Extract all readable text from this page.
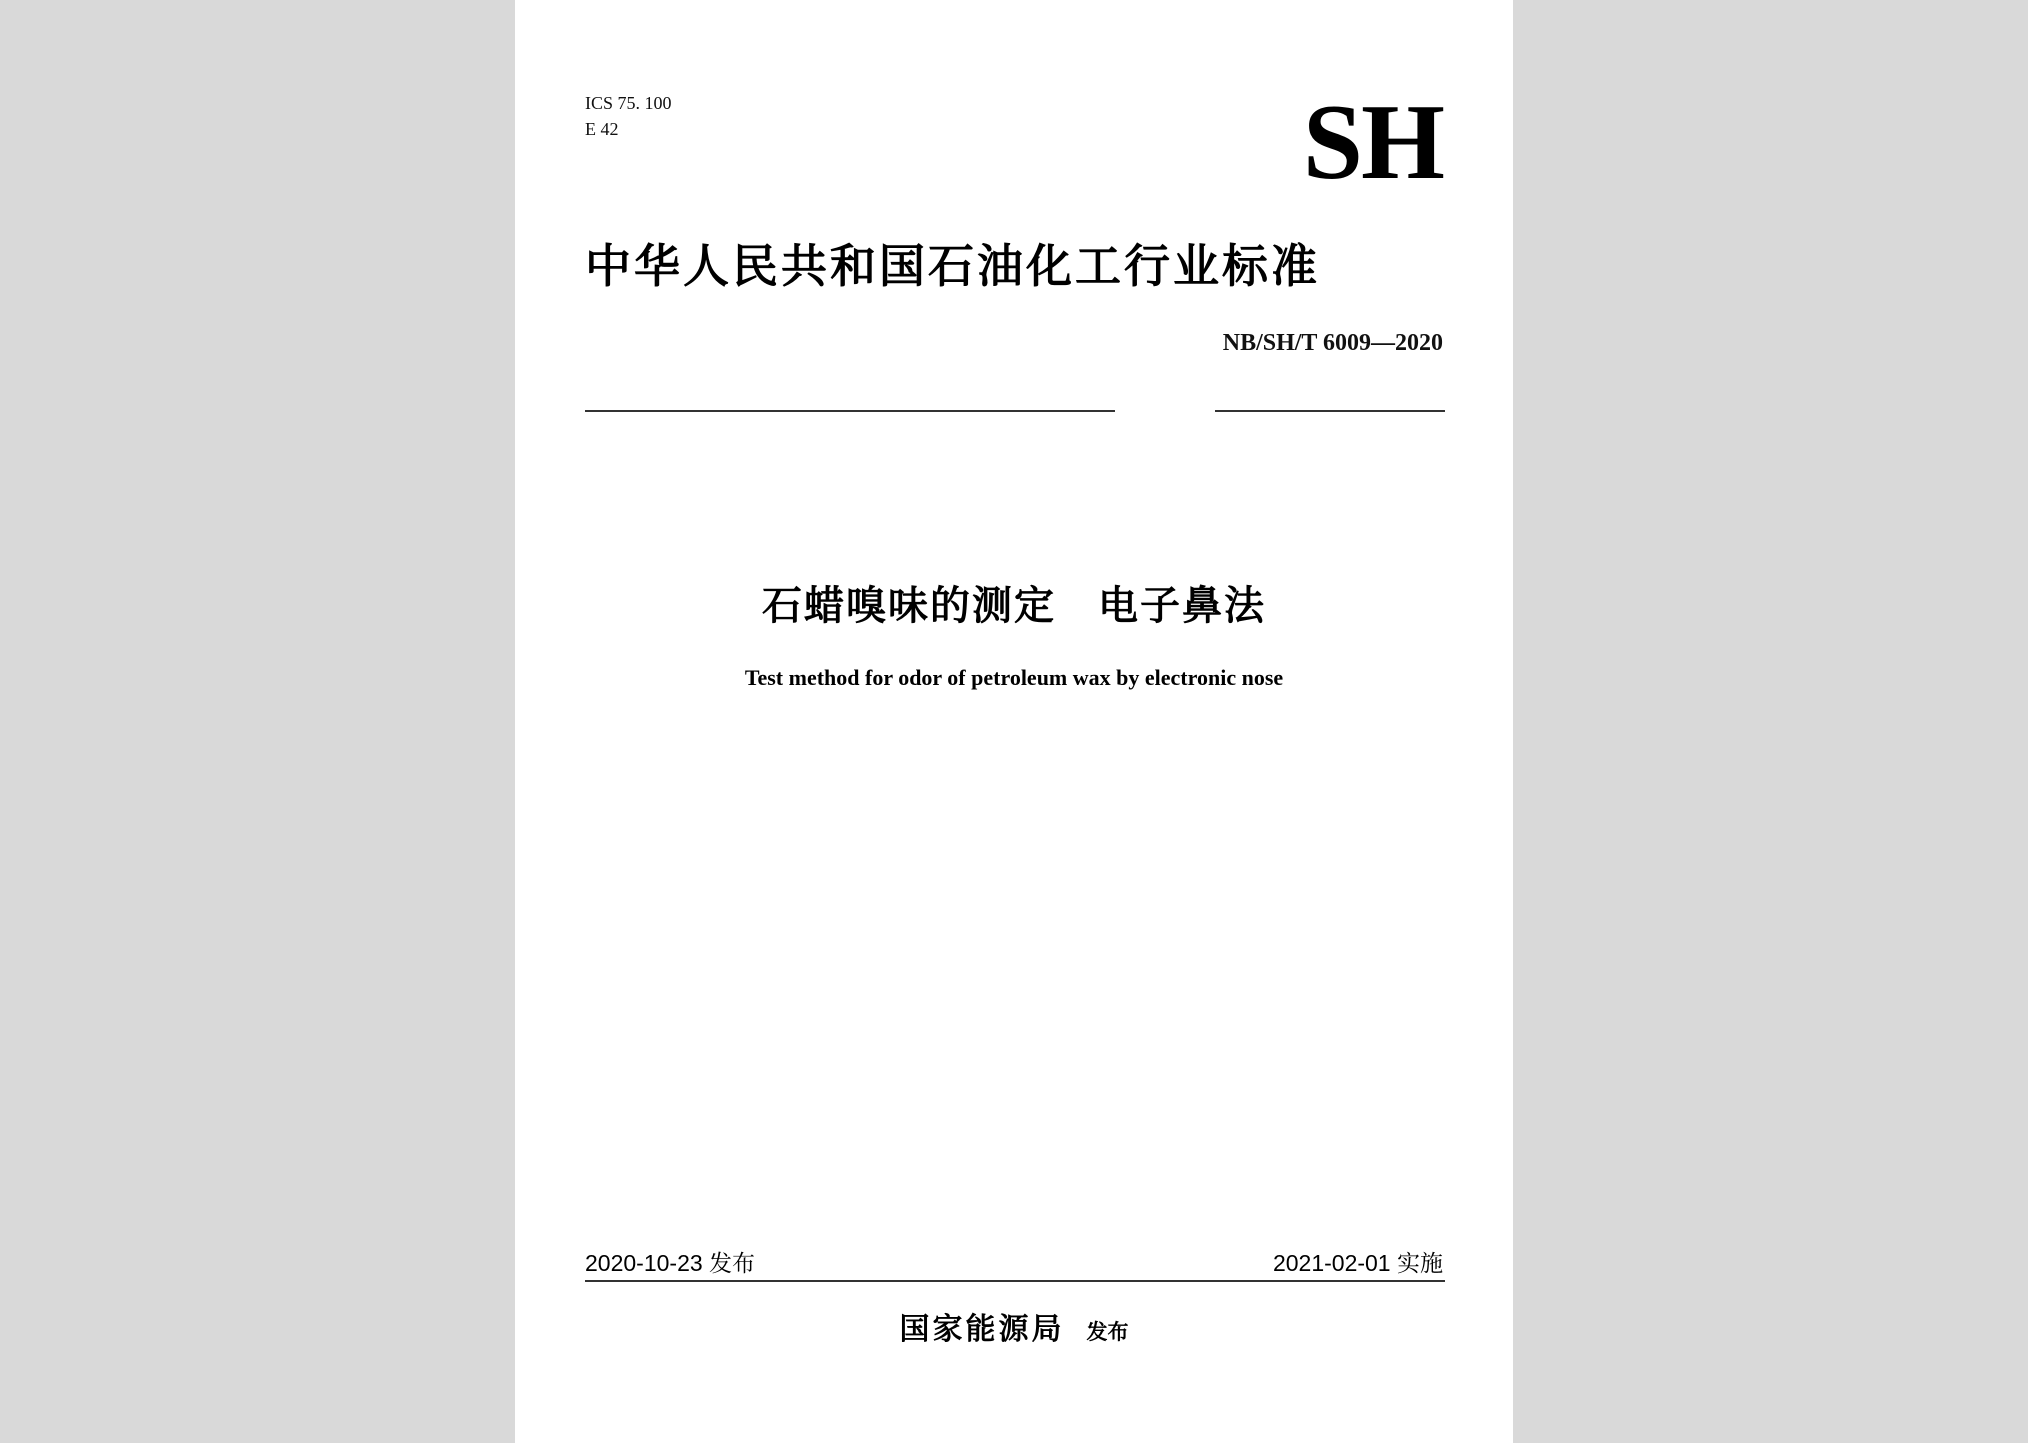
ICS 75. 100
E 42	SH
中华人民共和国石油化工行业标准
NB/SH/T 6009—2020
石蜡嗅味的测定　电子鼻法
Test method for odor of petroleum wax by electronic nose
2020-10-23 发布	2021-02-01 实施
国家能源局 发布
